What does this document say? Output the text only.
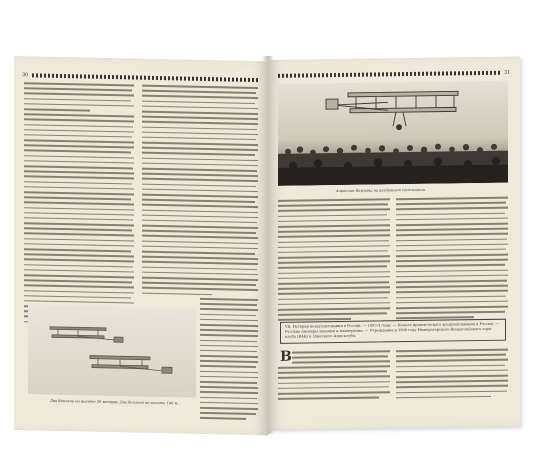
30
Два биплана на высоте 20 метров. Два биплана на высоте 100 м.
31
Аэроплан Фармана на воздушном состязании.
VII. История воздухоплавания в России. — 1893-4 годы. — Начало практического воздухоплавания в России. — Русские пионеры авиации и планеризма. — Учреждение в 1908 году Императорского Всероссийского аэро-клуба (ВАК) и Одесского Аэро-клуба.
В
